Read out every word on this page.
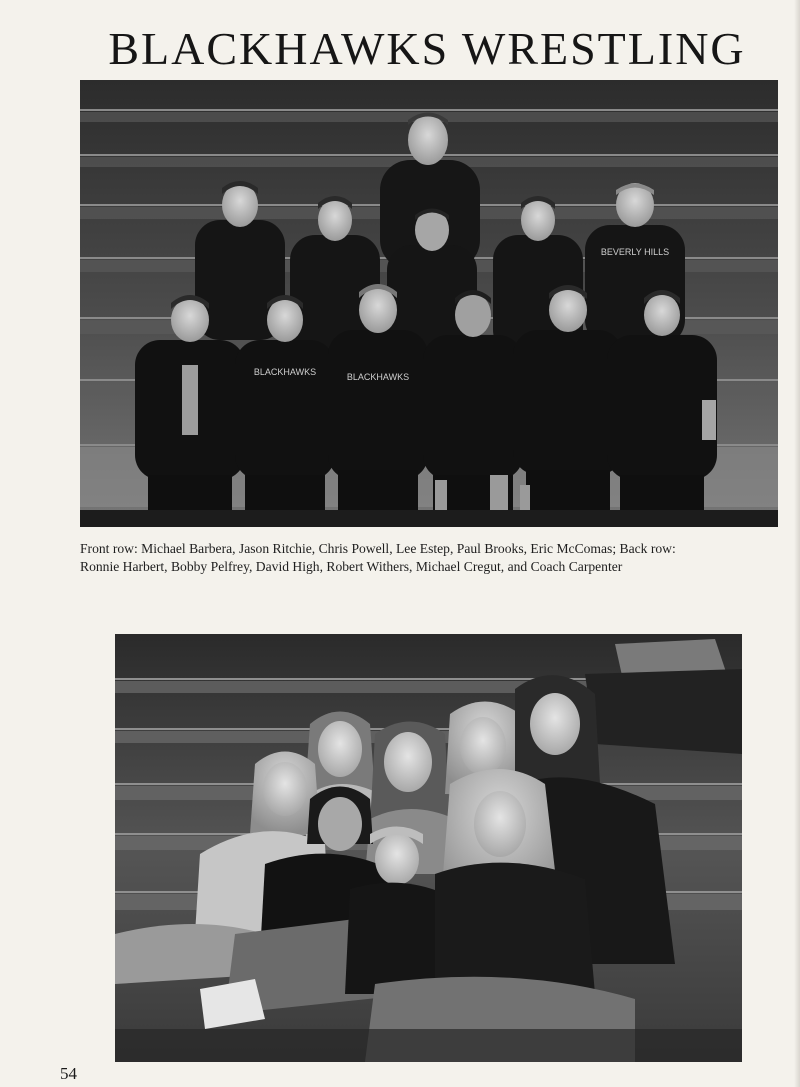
BLACKHAWKS WRESTLING
BEVERLY HILLS
BLACKHAWKS	BLACKHAWKS

Front row: Michael Barbera, Jason Ritchie, Chris Powell, Lee Estep, Paul Brooks, Eric McComas; Back row:

Ronnie Harbert, Bobby Pelfrey, David High, Robert Withers, Michael Cregut, and Coach Carpenter

54
